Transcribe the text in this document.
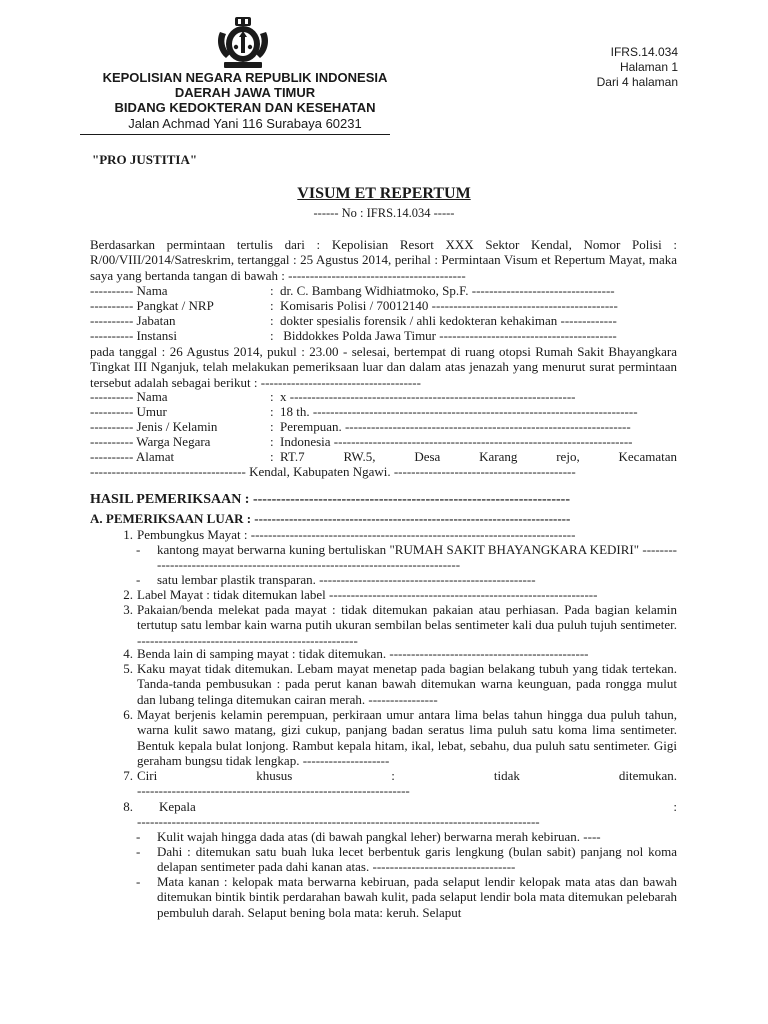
IFRS.14.034
Halaman 1
Dari 4 halaman
KEPOLISIAN NEGARA REPUBLIK INDONESIA
DAERAH JAWA TIMUR
BIDANG KEDOKTERAN DAN KESEHATAN
Jalan Achmad Yani 116 Surabaya 60231
"PRO JUSTITIA"
VISUM ET REPERTUM
------ No : IFRS.14.034 -----
Berdasarkan permintaan tertulis dari : Kepolisian Resort XXX Sektor Kendal, Nomor Polisi : R/00/VIII/2014/Satreskrim, tertanggal : 25 Agustus 2014, perihal : Permintaan Visum et Repertum Mayat, maka saya yang bertanda tangan di bawah : -----------------------------------------
---------- Nama	: dr. C. Bambang Widhiatmoko, Sp.F. ---------------------------------
---------- Pangkat / NRP	: Komisaris Polisi / 70012140 -------------------------------------------
---------- Jabatan	: dokter spesialis forensik / ahli kedokteran kehakiman -------------
---------- Instansi	: Biddokkes Polda Jawa Timur -----------------------------------------
pada tanggal : 26 Agustus 2014, pukul : 23.00 - selesai, bertempat di ruang otopsi Rumah Sakit Bhayangkara Tingkat III Nganjuk, telah melakukan pemeriksaan luar dan dalam atas jenazah yang menurut surat permintaan tersebut adalah sebagai berikut : -------------------------------------
---------- Nama	: x ------------------------------------------------------------------
---------- Umur	: 18 th. ---------------------------------------------------------------------------
---------- Jenis / Kelamin	: Perempuan. ------------------------------------------------------------------
---------- Warga Negara	: Indonesia ---------------------------------------------------------------------
---------- Alamat	: RT.7    RW.5,    Desa    Karang    rejo,    Kecamatan
------------------------------------ Kendal, Kabupaten Ngawi. ------------------------------------------
HASIL PEMERIKSAAN : --------------------------------------------------------------------
A. PEMERIKSAAN LUAR : -------------------------------------------------------------------------
1. Pembungkus Mayat : ---------------------------------------------------------------------------
- kantong mayat berwarna kuning bertuliskan "RUMAH SAKIT BHAYANGKARA KEDIRI" ------------------------------------------------------------------------------
- satu lembar plastik transparan. --------------------------------------------------
2. Label Mayat : tidak ditemukan label --------------------------------------------------------------
3. Pakaian/benda melekat pada mayat : tidak ditemukan pakaian atau perhiasan. Pada bagian kelamin tertutup satu lembar kain warna putih ukuran sembilan belas sentimeter kali dua puluh tujuh sentimeter. ---------------------------------------------------
4. Benda lain di samping mayat : tidak ditemukan. ----------------------------------------------
5. Kaku mayat tidak ditemukan. Lebam mayat menetap pada bagian belakang tubuh yang tidak tertekan. Tanda-tanda pembusukan : pada perut kanan bawah ditemukan warna keunguan, pada rongga mulut dan lubang telinga ditemukan cairan merah. ----------------
6. Mayat berjenis kelamin perempuan, perkiraan umur antara lima belas tahun hingga dua puluh tahun, warna kulit sawo matang, gizi cukup, panjang badan seratus lima puluh satu koma lima sentimeter. Bentuk kepala bulat lonjong. Rambut kepala hitam, ikal, lebat, sebahu, dua puluh satu sentimeter. Gigi geraham bungsu tidak lengkap. --------------------
7. Ciri          khusus          :          tidak          ditemukan.
---------------------------------------------------------------
8.	Kepala	:
---------------------------------------------------------------------------------------------
- Kulit wajah hingga dada atas (di bawah pangkal leher) berwarna merah kebiruan. ----
- Dahi : ditemukan satu buah luka lecet berbentuk garis lengkung (bulan sabit) panjang nol koma delapan sentimeter pada dahi kanan atas. ---------------------------------
- Mata kanan : kelopak mata berwarna kebiruan, pada selaput lendir kelopak mata atas dan bawah ditemukan bintik bintik perdarahan bawah kulit, pada selaput lendir bola mata ditemukan pelebarah pembuluh darah. Selaput bening bola mata: keruh. Selaput
